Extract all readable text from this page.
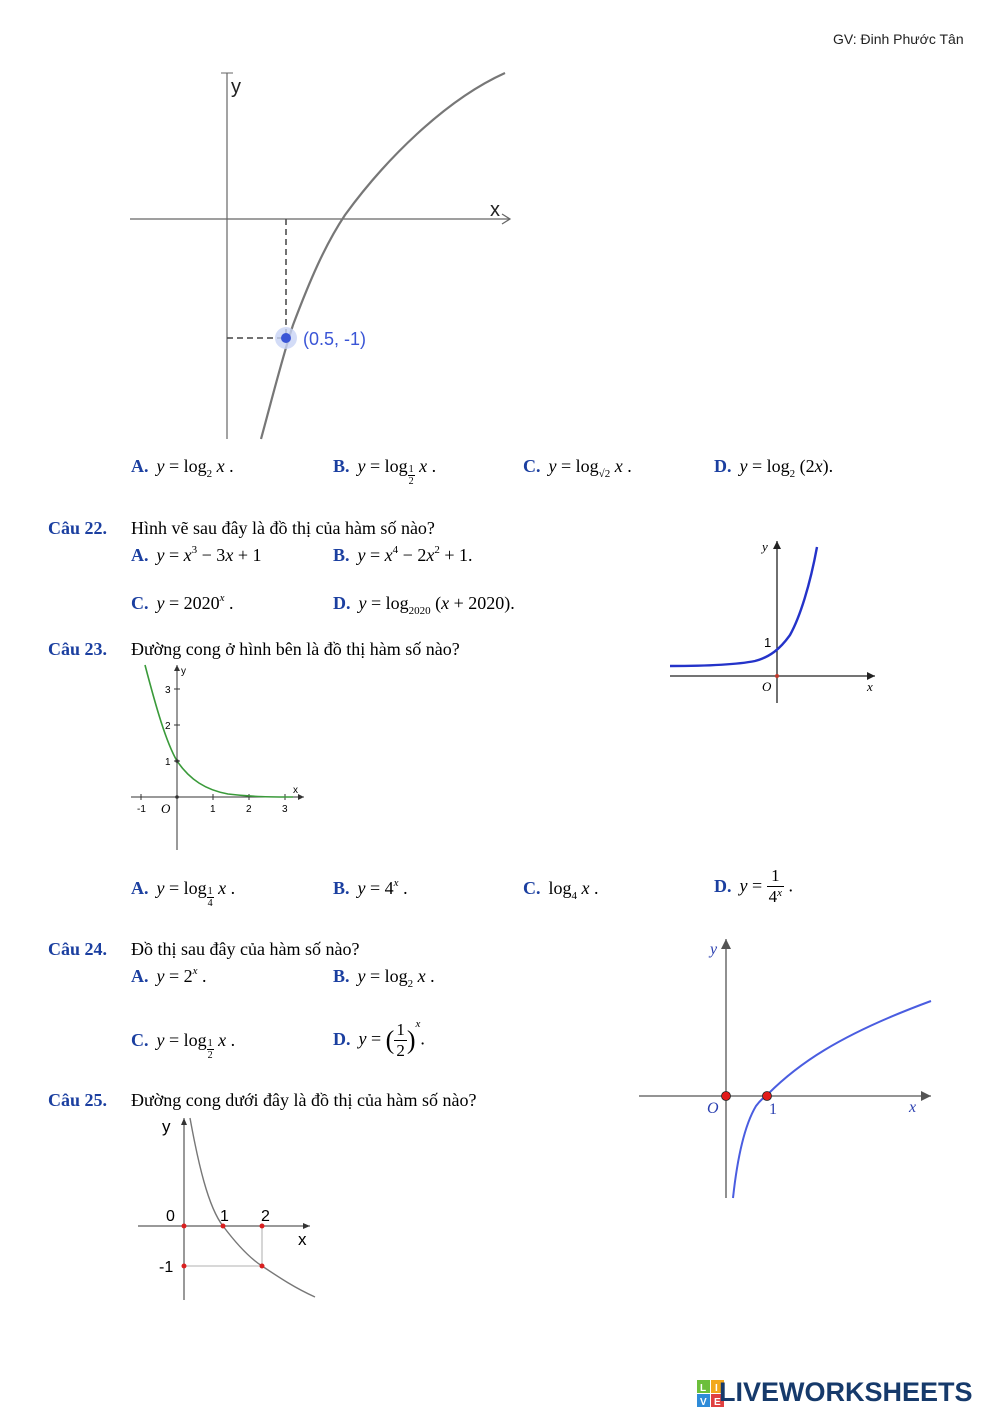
GV: Đinh Phước Tân
y
x
(0.5, -1)
A. $y = \log_2 x$ .	B. $y = \log \frac{1}{2}$ x .	C. $y = \log_{√2} x$ .	D. $y = \log_2 (2x)$.
Câu 22. Hình vẽ sau đây là đồ thị của hàm số nào?
A. $y = x^3 - 3x + 1$	B. $y = x^4 - 2x^2 + 1$.
C. $y = 2020^x$ .	D. $y = \log_{2020} (x + 2020)$.
y
x
1
O
Câu 23. Đường cong ở hình bên là đồ thị hàm số nào?
y
x
O
-1	1	2	3
1
2
3
A. $y = \log \frac{1}{4}$ x .	B. $y = 4^x$ .	C. $\log_4 x$ .	D. $y = \frac{1}{4^x}$ .
Câu 24. Đồ thị sau đây của hàm số nào?
A. $y = 2^x$ .	B. $y = \log_2 x$ .
C. $y = \log \frac{1}{2}$ x .	D. y = ( $\frac{1}{2} )^x$.
y
x
O	1
Câu 25. Đường cong dưới đây là đồ thị của hàm số nào?
y
x
0	1 2
-1
L I
V E
LIVEWORKSHEETS
